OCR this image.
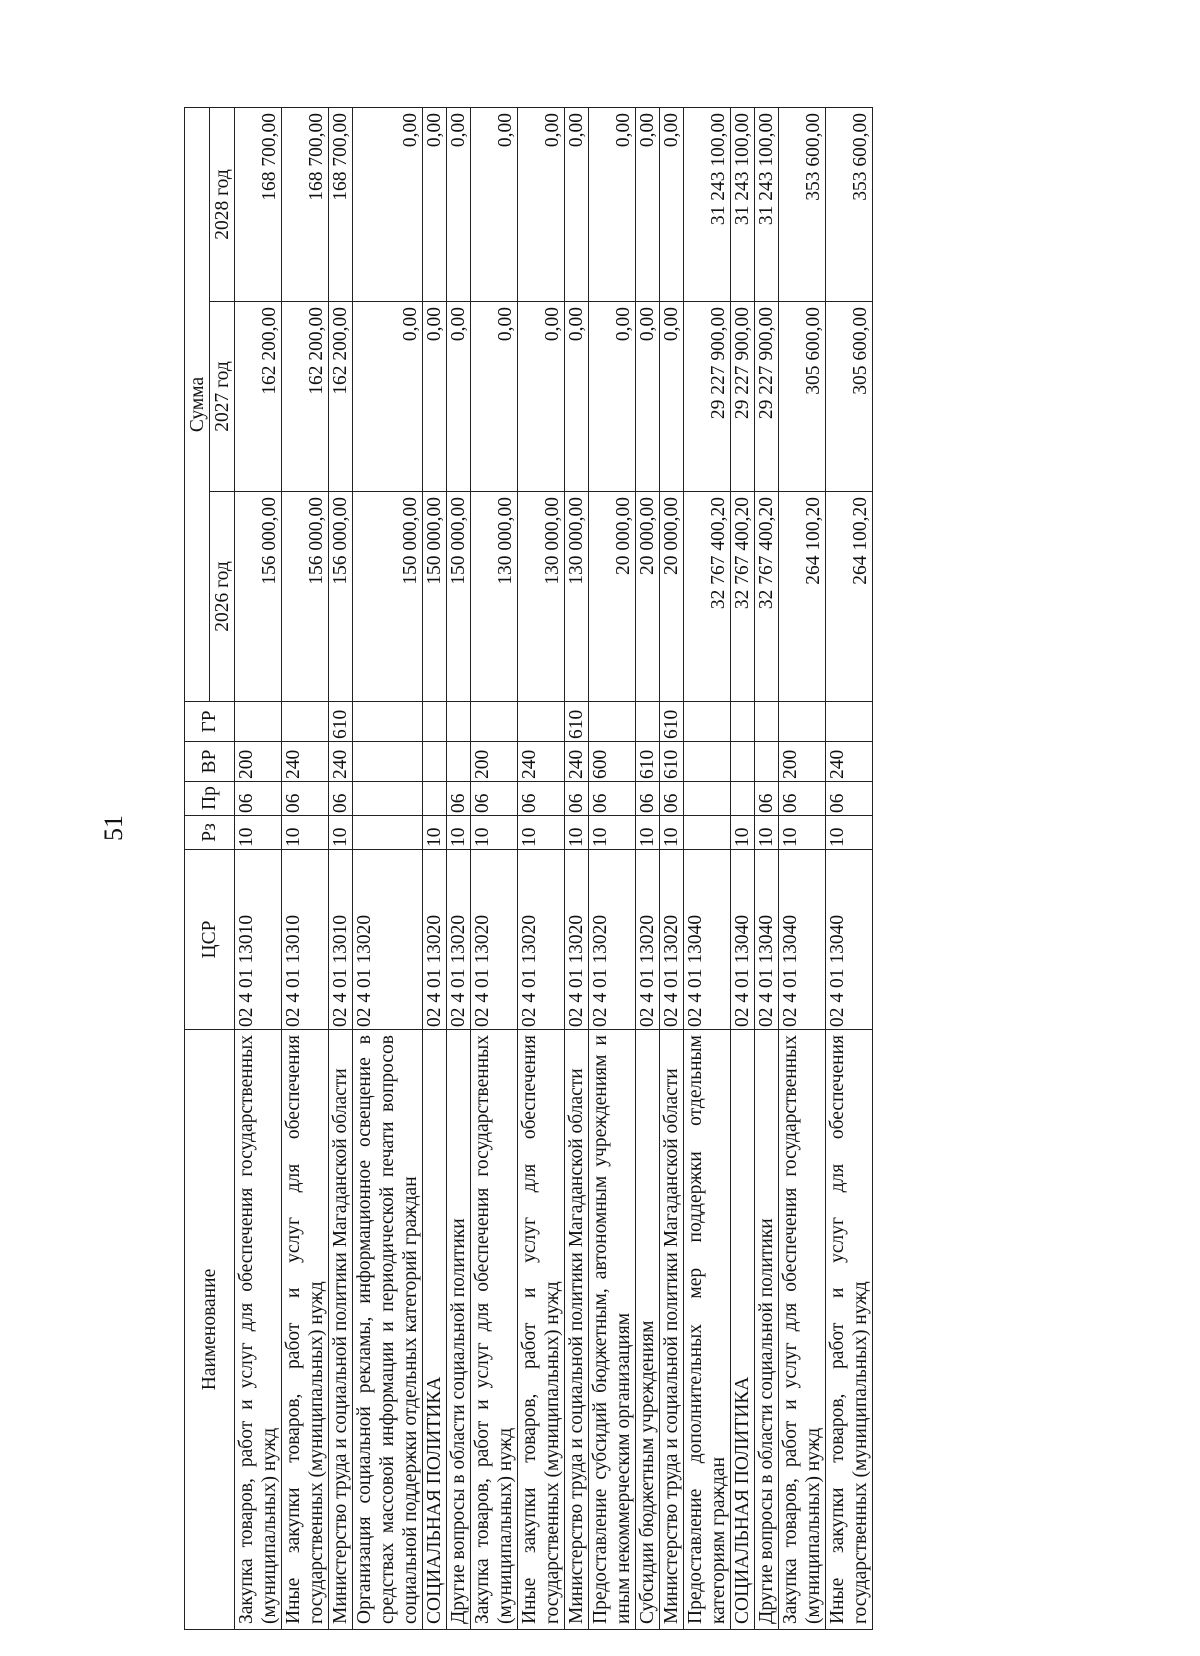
51
Наименование	ЦСР	Рз	Пр	ВР	ГР	Сумма		
						2026 год	2027 год	2028 год
Закупка товаров, работ и услуг для обеспечения государственных (муниципальных) нужд	02 4 01 13010	10	06	200		156 000,00	162 200,00	168 700,00
Иные закупки товаров, работ и услуг для обеспечения государственных (муниципальных) нужд	02 4 01 13010	10	06	240		156 000,00	162 200,00	168 700,00
Министерство труда и социальной политики Магаданской области	02 4 01 13010	10	06	240	610	156 000,00	162 200,00	168 700,00
Организация социальной рекламы, информационное освещение в средствах массовой информации и периодической печати вопросов социальной поддержки отдельных категорий граждан	02 4 01 13020					150 000,00	0,00	0,00
СОЦИАЛЬНАЯ ПОЛИТИКА	02 4 01 13020	10				150 000,00	0,00	0,00
Другие вопросы в области социальной политики	02 4 01 13020	10	06			150 000,00	0,00	0,00
Закупка товаров, работ и услуг для обеспечения государственных (муниципальных) нужд	02 4 01 13020	10	06	200		130 000,00	0,00	0,00
Иные закупки товаров, работ и услуг для обеспечения государственных (муниципальных) нужд	02 4 01 13020	10	06	240		130 000,00	0,00	0,00
Министерство труда и социальной политики Магаданской области	02 4 01 13020	10	06	240	610	130 000,00	0,00	0,00
Предоставление субсидий бюджетным, автономным учреждениям и иным некоммерческим организациям	02 4 01 13020	10	06	600		20 000,00	0,00	0,00
Субсидии бюджетным учреждениям	02 4 01 13020	10	06	610		20 000,00	0,00	0,00
Министерство труда и социальной политики Магаданской области	02 4 01 13020	10	06	610	610	20 000,00	0,00	0,00
Предоставление дополнительных мер поддержки отдельным категориям граждан	02 4 01 13040					32 767 400,20	29 227 900,00	31 243 100,00
СОЦИАЛЬНАЯ ПОЛИТИКА	02 4 01 13040	10				32 767 400,20	29 227 900,00	31 243 100,00
Другие вопросы в области социальной политики	02 4 01 13040	10	06			32 767 400,20	29 227 900,00	31 243 100,00
Закупка товаров, работ и услуг для обеспечения государственных (муниципальных) нужд	02 4 01 13040	10	06	200		264 100,20	305 600,00	353 600,00
Иные закупки товаров, работ и услуг для обеспечения государственных (муниципальных) нужд	02 4 01 13040	10	06	240		264 100,20	305 600,00	353 600,00
